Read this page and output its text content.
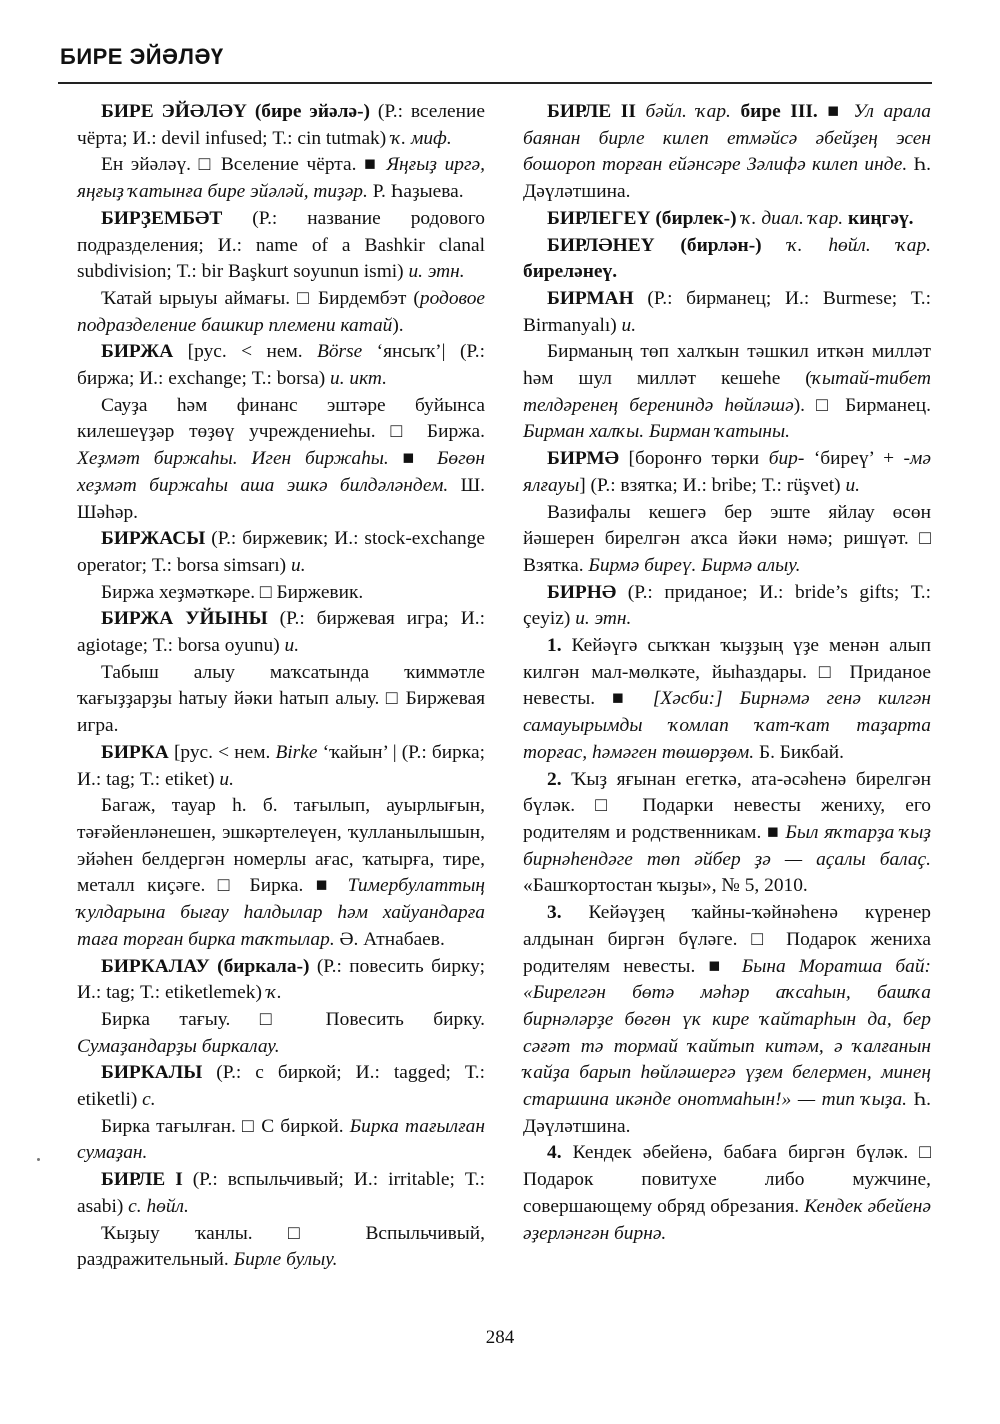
БИРЕ ЭЙӘЛӘҮ

БИРЕ ЭЙӘЛӘҮ (бире эйәлә-) (Р.: вселение чёрта; И.: devil infused; Т.: cin tutmak) ҡ. миф.

Ен эйәләү. □ Вселение чёрта. ■ Яңғыҙ иргә, яңғыҙ ҡатынға бире эйәләй, тиҙәр. Р. Һаҙыева.

БИРҘЕМБӘТ (Р.: название родового подразделения; И.: name of a Bashkir clanal subdivision; Т.: bir Başkurt soyunun ismi) и. этн.

Ҡатай ырыуы аймағы. □ Бирдембэт (родовое подразделение башкир племени катай).

БИРЖА [рус. < нем. Börse ‘янсыҡ’| (Р.: биржа; И.: exchange; Т.: borsa) и. икт.

Сауҙа һәм финанс эштәре буйынса килешеүҙәр төҙөү учреждениеһы. □ Биржа. Хеҙмәт биржаһы. Иген биржаһы. ■ Бөгөн хеҙмәт биржаһы аша эшкә билдәләндем. Ш. Шәһәр.

БИРЖАСЫ (Р.: биржевик; И.: stock-exchange operator; Т.: borsa simsarı) и.

Биржа хеҙмәткәре. □ Биржевик.

БИРЖА УЙЫНЫ (Р.: биржевая игра; И.: agiotage; Т.: borsa oyunu) и.

Табыш алыу маҡсатында ҡиммәтле ҡағыҙҙарҙы һатыу йәки һатып алыу. □ Биржевая игра.

БИРКА [рус. < нем. Birke ‘ҡайын’ | (Р.: бирка; И.: tag; Т.: etiket) и.

Багаж, тауар һ. б. тағылып, ауырлығын, тәғәйенләнешен, эшкәртелеүен, ҡулланылышын, эйәһен белдергән номерлы ағас, ҡатырға, тире, металл киҫәге. □ Бирка. ■ Тимербулаттың ҡулдарына бығау һалдылар һәм хайуандарға таға торған бирка таҡтылар. Ә. Атнабаев.

БИРКАЛАУ (биркала-) (Р.: повесить бирку; И.: tag; Т.: etiketlemek) ҡ.

Бирка тағыу. □ Повесить бирку. Сумаҙандарҙы биркалау.

БИРКАЛЫ (Р.: с биркой; И.: tagged; Т.: etiketli) с.

Бирка тағылған. □ С биркой. Бирка тағылған сумаҙан.

БИРЛЕ I (Р.: вспыльчивый; И.: irritable; Т.: asabi) с. һөйл.

Ҡыҙыу ҡанлы. □ Вспыльчивый, раздражительный. Бирле булыу.

БИРЛЕ II бәйл. ҡар. бире III. ■ Ул арала баянан бирле килеп етмәйсә әбейҙең эсен бошороп торған ейәнсәре Зәлифә килеп инде. Һ. Дәүләтшина.

БИРЛЕГЕҮ (бирлек-) ҡ. диал. ҡар. киңгәү.

БИРЛӘНЕҮ (бирлән-) ҡ. һөйл. ҡар. биреләнеү.

БИРМАН (Р.: бирманец; И.: Burmese; Т.: Birmanyalı) и.

Бирманың төп халҡын тәшкил иткән милләт һәм шул милләт кешеһе (ҡытай-тибет телдәренең берениндә һөйләшә). □ Бирманец. Бирман халҡы. Бирман ҡатыны.

БИРМӘ [боронғо төрки бир- ‘биреү’ + -мә ялғауы] (Р.: взятка; И.: bribe; Т.: rüşvet) и.

Вазифалы кешегә бер эште яйлау өсөн йәшерен бирелгән аҡса йәки нәмә; ришүәт. □ Взятка. Бирмә биреү. Бирмә алыу.

БИРНӘ (Р.: приданое; И.: bride’s gifts; Т.: çeyiz) и. этн.

1. Кейәүгә сыҡҡан ҡыҙҙың үҙе менән алып килгән мал-мөлкәте, йыһаздары. □ Приданое невесты. ■ [Хәсби:] Бирнәмә генә килгән самауырымды ҡомлап ҡат-ҡат таҙарта торғас, һәмәген төшөрҙөм. Б. Бикбай.

2. Ҡыҙ яғынан егеткә, ата-әсәһенә бирелгән бүләк. □ Подарки невесты жениху, его родителям и родственникам. ■ Был яҡтарҙа ҡыҙ бирнәһендәге төп әйбер ҙә — аҫалы балаҫ. «Башҡортостан ҡыҙы», № 5, 2010.

3. Кейәүҙең ҡайны-ҡәйнәһенә күренер алдынан биргән бүләге. □ Подарок жениха родителям невесты. ■ Бына Моратша бай: «Бирелгән бөтә мәһәр аҡсаһын, башҡа бирнәләрҙе бөгөн үк кире ҡайтарһын да, бер сәғәт тә тормай ҡайтып китәм, ә ҡалғанын ҡайҙа барып һөйләшергә үҙем белермен, минең старшина икәнде онотмаһын!» — тип ҡыҙа. Һ. Дәүләтшина.

4. Кендек әбейенә, бабаға биргән бүләк. □ Подарок повитухе либо мужчине, совершающему обряд обрезания. Кендек әбейенә әҙерләнгән бирнә.

284
